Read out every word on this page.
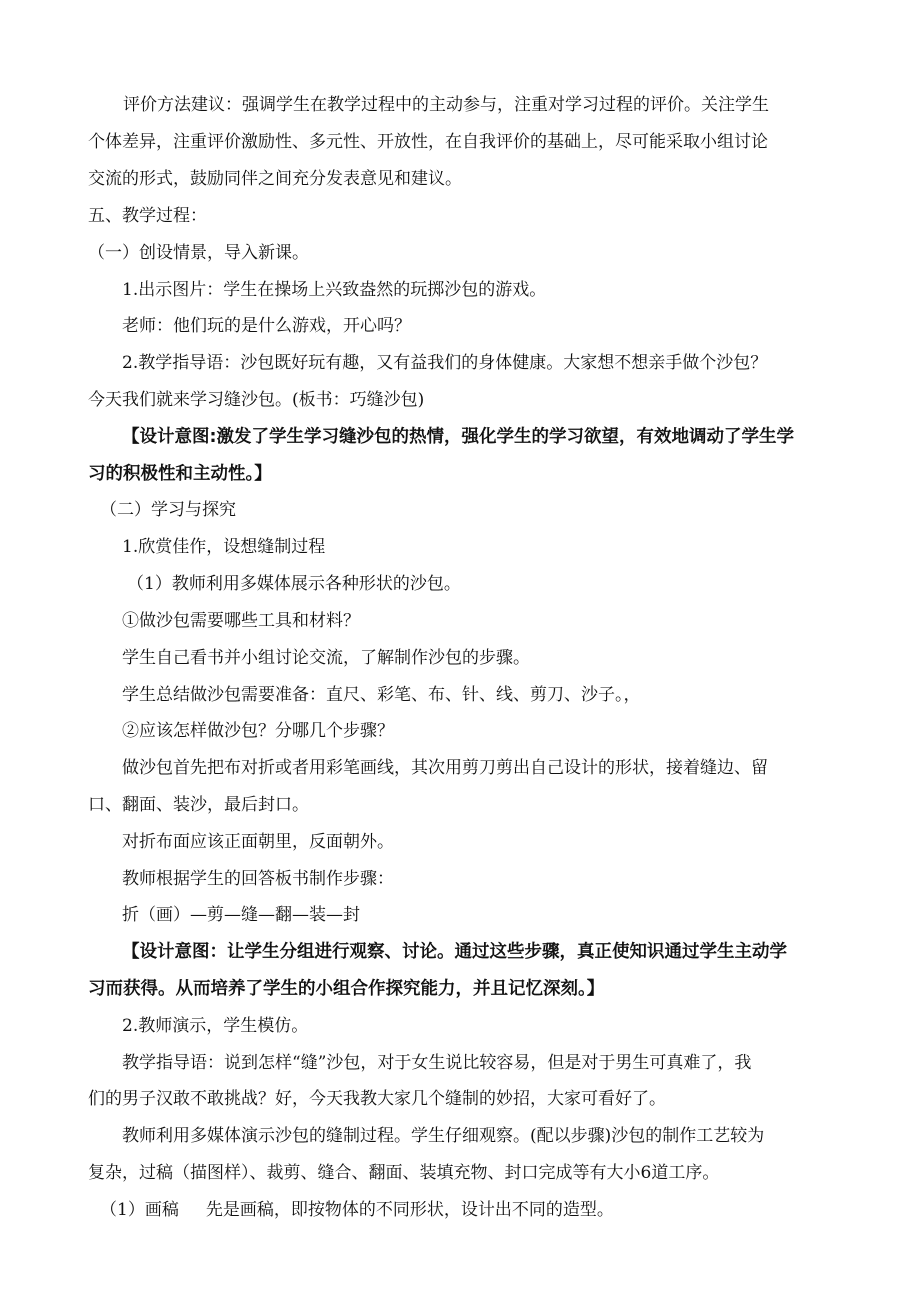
评价方法建议：强调学生在教学过程中的主动参与，注重对学习过程的评价。关注学生
个体差异，注重评价激励性、多元性、开放性，在自我评价的基础上，尽可能采取小组讨论
交流的形式，鼓励同伴之间充分发表意见和建议。
五、教学过程：
（一）创设情景，导入新课。
1.出示图片：学生在操场上兴致盎然的玩掷沙包的游戏。
老师：他们玩的是什么游戏，开心吗？
2.教学指导语：沙包既好玩有趣，又有益我们的身体健康。大家想不想亲手做个沙包？
今天我们就来学习缝沙包。(板书：巧缝沙包)
【设计意图:激发了学生学习缝沙包的热情，强化学生的学习欲望，有效地调动了学生学
习的积极性和主动性。】
（二）学习与探究
1.欣赏佳作，设想缝制过程
（1）教师利用多媒体展示各种形状的沙包。
①做沙包需要哪些工具和材料？
学生自己看书并小组讨论交流，了解制作沙包的步骤。
学生总结做沙包需要准备：直尺、彩笔、布、针、线、剪刀、沙子。，
②应该怎样做沙包？分哪几个步骤？
做沙包首先把布对折或者用彩笔画线，其次用剪刀剪出自己设计的形状，接着缝边、留
口、翻面、装沙，最后封口。
对折布面应该正面朝里，反面朝外。
教师根据学生的回答板书制作步骤：
折（画）—剪—缝—翻—装—封
【设计意图：让学生分组进行观察、讨论。通过这些步骤，真正使知识通过学生主动学
习而获得。从而培养了学生的小组合作探究能力，并且记忆深刻。】
2.教师演示，学生模仿。
教学指导语：说到怎样“缝”沙包，对于女生说比较容易，但是对于男生可真难了，我
们的男子汉敢不敢挑战？好，今天我教大家几个缝制的妙招，大家可看好了。
教师利用多媒体演示沙包的缝制过程。学生仔细观察。(配以步骤)沙包的制作工艺较为
复杂，过稿（描图样）、裁剪、缝合、翻面、装填充物、封口完成等有大小6道工序。
（1）画稿     先是画稿，即按物体的不同形状，设计出不同的造型。
